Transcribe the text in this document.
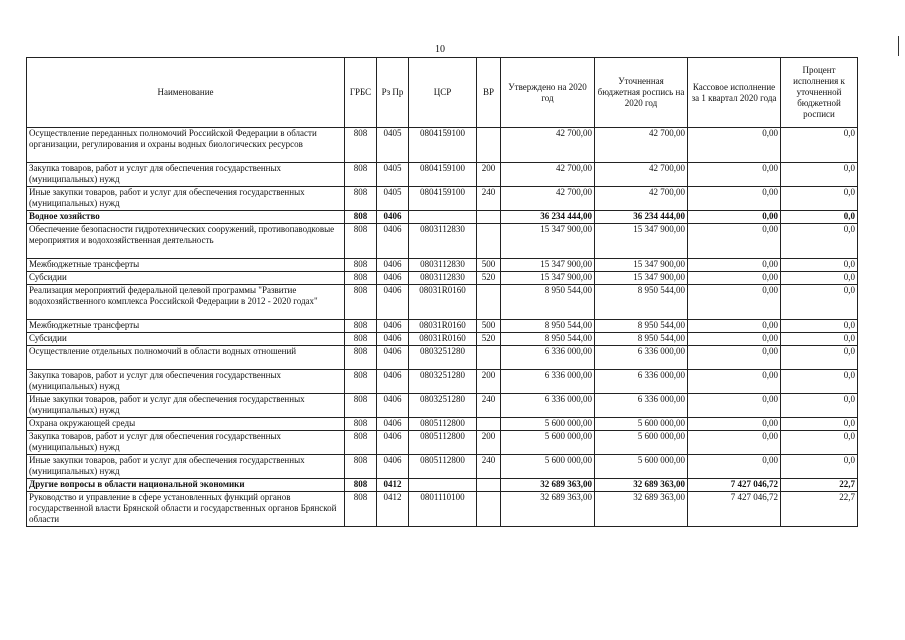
10
Наименование	ГРБС	Рз Пр	ЦСР	ВР	Утверждено на 2020 год	Уточненная бюджетная роспись на 2020 год	Кассовое исполнение за 1 квартал 2020 года	Процент исполнения к уточненной бюджетной росписи
Осуществление переданных полномочий Российской Федерации в области организации, регулирования и охраны водных биологических ресурсов	808	0405	0804159100		42 700,00	42 700,00	0,00	0,0
Закупка товаров, работ и услуг для обеспечения государственных (муниципальных) нужд	808	0405	0804159100	200	42 700,00	42 700,00	0,00	0,0
Иные закупки товаров, работ и услуг для обеспечения государственных (муниципальных) нужд	808	0405	0804159100	240	42 700,00	42 700,00	0,00	0,0
Водное хозяйство	808	0406			36 234 444,00	36 234 444,00	0,00	0,0
Обеспечение безопасности гидротехнических сооружений, противопаводковые мероприятия и водохозяйственная деятельность	808	0406	0803112830		15 347 900,00	15 347 900,00	0,00	0,0
Межбюджетные трансферты	808	0406	0803112830	500	15 347 900,00	15 347 900,00	0,00	0,0
Субсидии	808	0406	0803112830	520	15 347 900,00	15 347 900,00	0,00	0,0
Реализация мероприятий федеральной целевой программы "Развитие водохозяйственного комплекса Российской Федерации в 2012 - 2020 годах"	808	0406	08031R0160		8 950 544,00	8 950 544,00	0,00	0,0
Межбюджетные трансферты	808	0406	08031R0160	500	8 950 544,00	8 950 544,00	0,00	0,0
Субсидии	808	0406	08031R0160	520	8 950 544,00	8 950 544,00	0,00	0,0
Осуществление отдельных полномочий в области водных отношений	808	0406	0803251280		6 336 000,00	6 336 000,00	0,00	0,0
Закупка товаров, работ и услуг для обеспечения государственных (муниципальных) нужд	808	0406	0803251280	200	6 336 000,00	6 336 000,00	0,00	0,0
Иные закупки товаров, работ и услуг для обеспечения государственных (муниципальных) нужд	808	0406	0803251280	240	6 336 000,00	6 336 000,00	0,00	0,0
Охрана окружающей среды	808	0406	0805112800		5 600 000,00	5 600 000,00	0,00	0,0
Закупка товаров, работ и услуг для обеспечения государственных (муниципальных) нужд	808	0406	0805112800	200	5 600 000,00	5 600 000,00	0,00	0,0
Иные закупки товаров, работ и услуг для обеспечения государственных (муниципальных) нужд	808	0406	0805112800	240	5 600 000,00	5 600 000,00	0,00	0,0
Другие вопросы в области национальной экономики	808	0412			32 689 363,00	32 689 363,00	7 427 046,72	22,7
Руководство и управление в сфере установленных функций органов государственной власти Брянской области и государственных органов Брянской области	808	0412	0801110100		32 689 363,00	32 689 363,00	7 427 046,72	22,7
